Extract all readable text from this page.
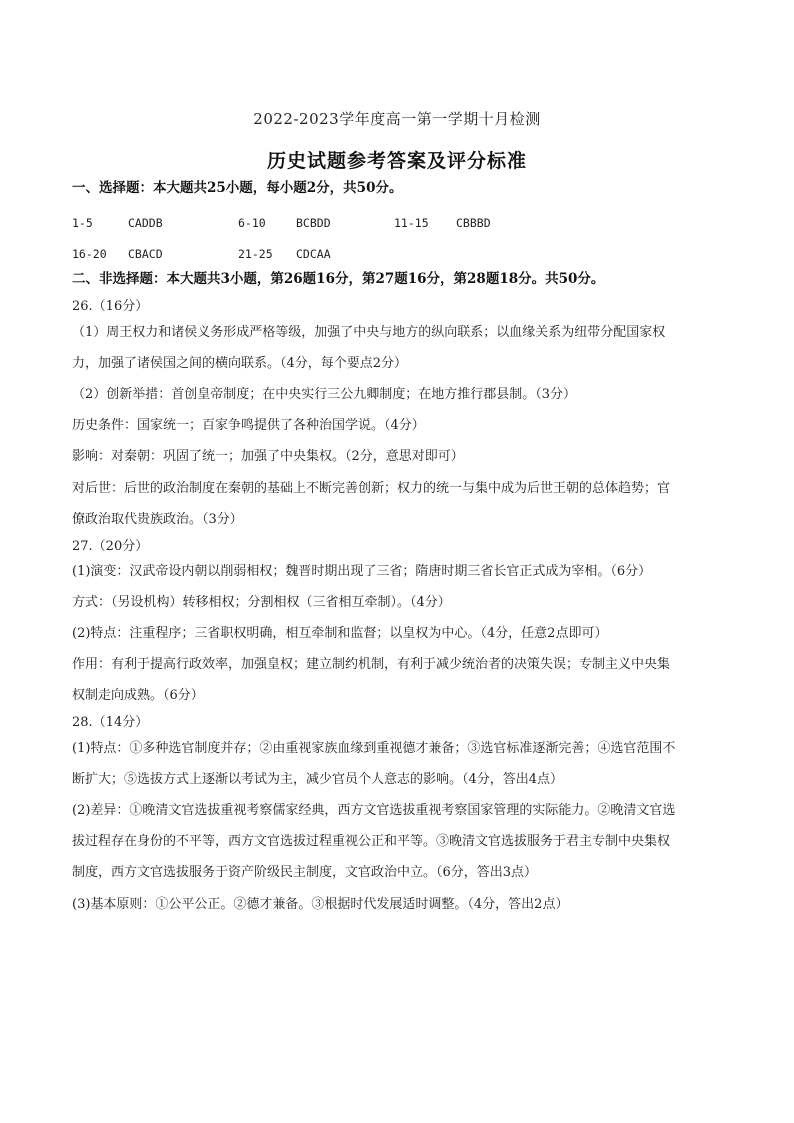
2022-2023学年度高一第一学期十月检测
历史试题参考答案及评分标准
一、选择题：本大题共25小题，每小题2分，共50分。
1-5	CADDB	6-10	BCBDD	11-15 CBBBD
16-20 CBACD	21-25 CDCAA
二、非选择题：本大题共3小题，第26题16分，第27题16分，第28题18分。共50分。
26.（16分）
（1）周王权力和诸侯义务形成严格等级，加强了中央与地方的纵向联系；以血缘关系为纽带分配国家权
力，加强了诸侯国之间的横向联系。（4分，每个要点2分）
（2）创新举措：首创皇帝制度；在中央实行三公九卿制度；在地方推行郡县制。（3分）
历史条件：国家统一；百家争鸣提供了各种治国学说。（4分）
影响：对秦朝：巩固了统一；加强了中央集权。（2分，意思对即可）
对后世：后世的政治制度在秦朝的基础上不断完善创新；权力的统一与集中成为后世王朝的总体趋势；官
僚政治取代贵族政治。（3分）
27.（20分）
(1)演变：汉武帝设内朝以削弱相权；魏晋时期出现了三省；隋唐时期三省长官正式成为宰相。（6分）
方式：（另设机构）转移相权；分割相权（三省相互牵制）。（4分）
(2)特点：注重程序；三省职权明确，相互牵制和监督；以皇权为中心。（4分，任意2点即可）
作用：有利于提高行政效率，加强皇权；建立制约机制，有利于减少统治者的决策失误；专制主义中央集
权制走向成熟。（6分）
28.（14分）
(1)特点：①多种选官制度并存；②由重视家族血缘到重视德才兼备；③选官标准逐渐完善；④选官范围不
断扩大；⑤选拔方式上逐渐以考试为主，减少官员个人意志的影响。（4分，答出4点）
(2)差异：①晚清文官选拔重视考察儒家经典，西方文官选拔重视考察国家管理的实际能力。②晚清文官选
拔过程存在身份的不平等，西方文官选拔过程重视公正和平等。③晚清文官选拔服务于君主专制中央集权
制度，西方文官选拔服务于资产阶级民主制度，文官政治中立。（6分，答出3点）
(3)基本原则：①公平公正。②德才兼备。③根据时代发展适时调整。（4分，答出2点）
